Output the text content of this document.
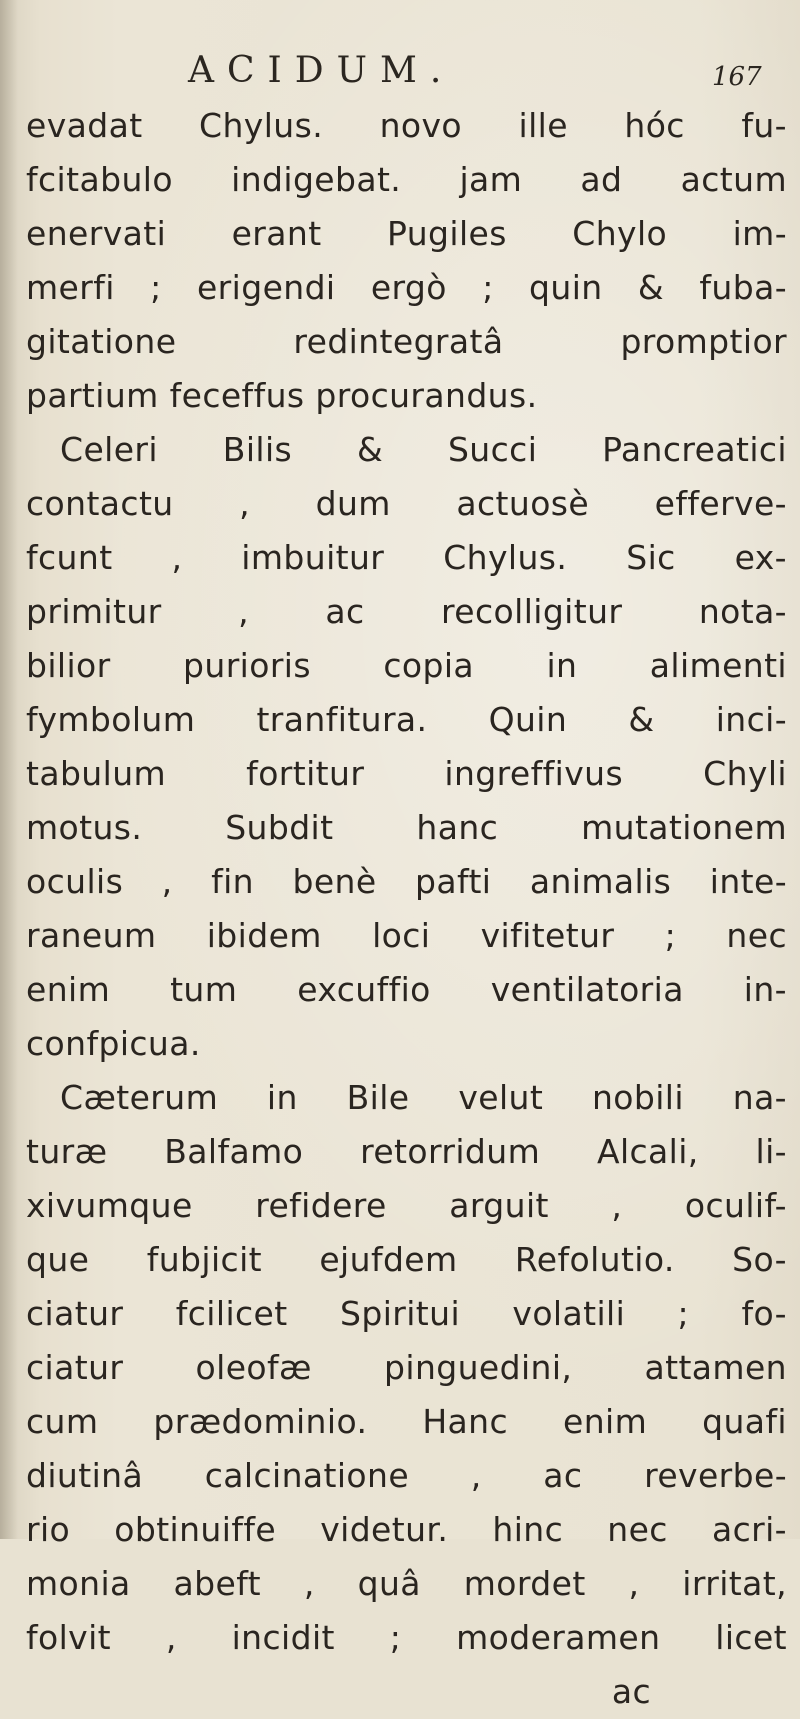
ACIDUM.	167
evadat Chylus. novo ille hóc fu-
fcitabulo indigebat. jam ad actum
enervati erant Pugiles Chylo im-
merfi ; erigendi ergò ; quin & fuba-
gitatione redintegratâ promptior
partium feceffus procurandus.
Celeri Bilis & Succi Pancreatici
contactu , dum actuosè efferve-
fcunt , imbuitur Chylus. Sic ex-
primitur , ac recolligitur nota-
bilior purioris copia in alimenti
fymbolum tranfitura. Quin & inci-
tabulum fortitur ingreffivus Chyli
motus. Subdit hanc mutationem
oculis , fin benè pafti animalis inte-
raneum ibidem loci vifitetur ; nec
enim tum excuffio ventilatoria in-
confpicua.
Cæterum in Bile velut nobili na-
turæ Balfamo retorridum Alcali, li-
xivumque refidere arguit , oculif-
que fubjicit ejufdem Refolutio. So-
ciatur fcilicet Spiritui volatili ; fo-
ciatur oleofæ pinguedini, attamen
cum prædominio. Hanc enim quafi
diutinâ calcinatione , ac reverbe-
rio obtinuiffe videtur. hinc nec acri-
monia abeft , quâ mordet , irritat,
folvit , incidit ; moderamen licet
ac
